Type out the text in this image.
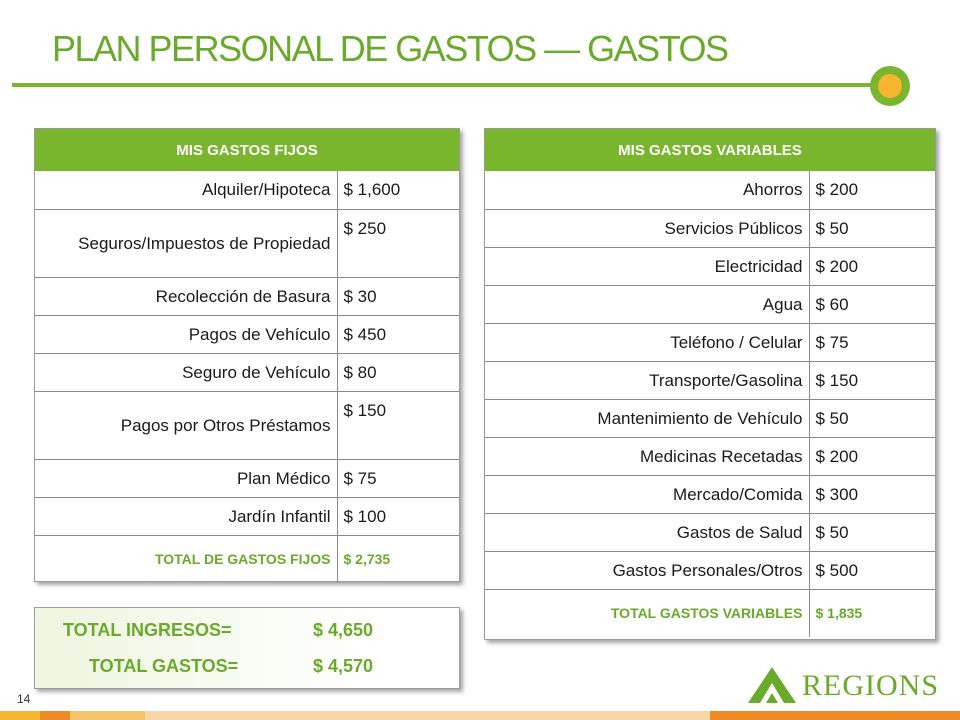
PLAN PERSONAL DE GASTOS — GASTOS
MIS GASTOS FIJOS
Alquiler/Hipoteca	$ 1,600
Seguros/Impuestos de Propiedad	$ 250
Recolección de Basura	$ 30
Pagos de Vehículo	$ 450
Seguro de Vehículo	$ 80
Pagos por Otros Préstamos	$ 150
Plan Médico	$ 75
Jardín Infantil	$ 100
TOTAL DE GASTOS FIJOS	$ 2,735
MIS GASTOS VARIABLES
Ahorros	$ 200
Servicios Públicos	$ 50
Electricidad	$ 200
Agua	$ 60
Teléfono / Celular	$ 75
Transporte/Gasolina	$ 150
Mantenimiento de Vehículo	$ 50
Medicinas Recetadas	$ 200
Mercado/Comida	$ 300
Gastos de Salud	$ 50
Gastos Personales/Otros	$ 500
TOTAL GASTOS VARIABLES	$ 1,835
TOTAL INGRESOS=	$ 4,650
TOTAL GASTOS=	$ 4,570
14	REGIONS
